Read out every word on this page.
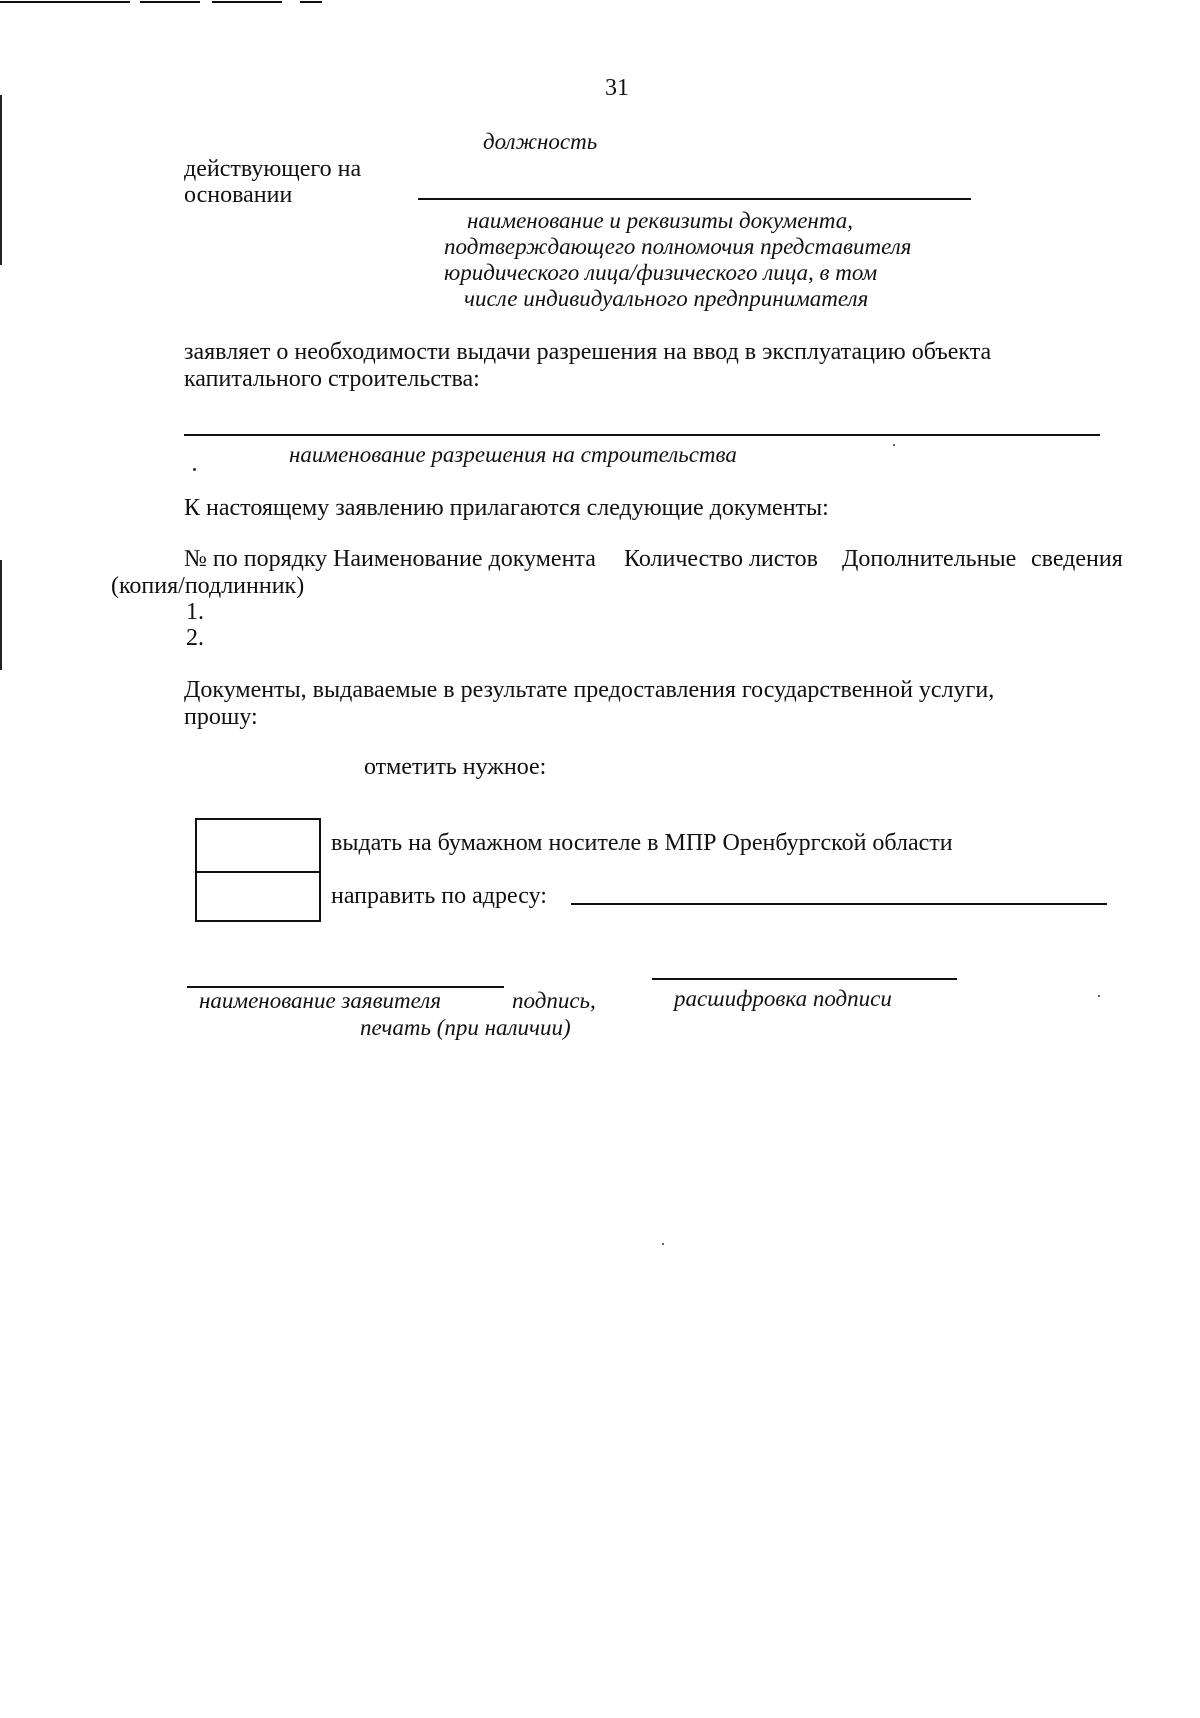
31
должность
действующего на
основании
наименование и реквизиты документа,
подтверждающего полномочия представителя
юридического лица/физического лица, в том
числе индивидуального предпринимателя
заявляет о необходимости выдачи разрешения на ввод в эксплуатацию объекта
капитального строительства:
наименование разрешения на строительства
К настоящему заявлению прилагаются следующие документы:
№ по порядку Наименование документа Количество листов Дополнительные сведения
(копия/подлинник)
1.
2.
Документы, выдаваемые в результате предоставления государственной услуги,
прошу:
отметить нужное:
выдать на бумажном носителе в МПР Оренбургской области
направить по адресу:
наименование заявителя	подпись,
печать (при наличии)
расшифровка подписи
